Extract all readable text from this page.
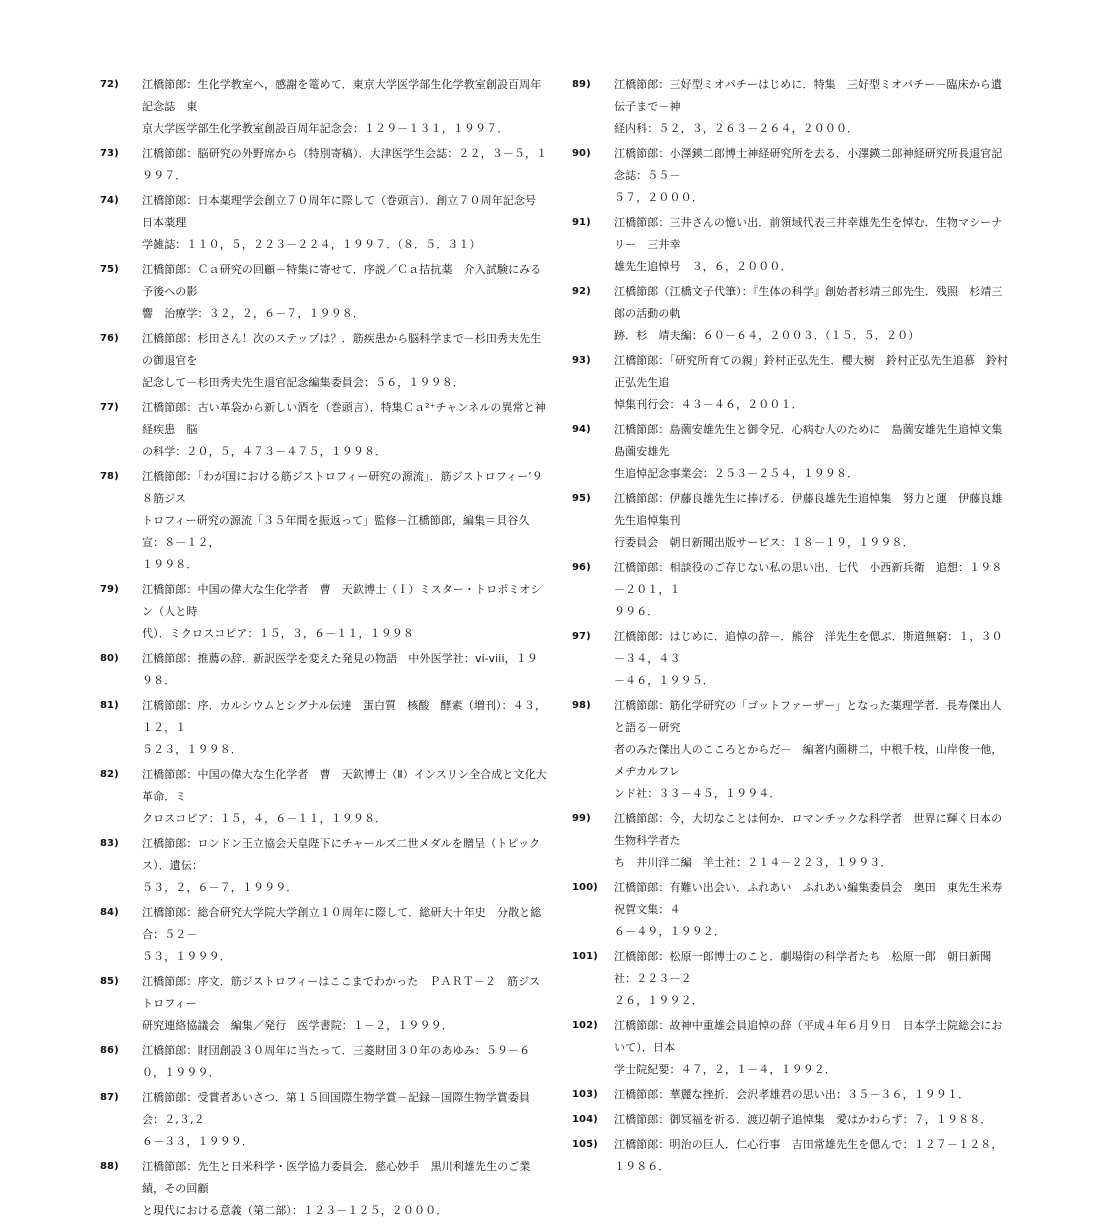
72)	江橋節郎：生化学教室へ，感謝を篭めて．東京大学医学部生化学教室創設百周年記念誌　東
京大学医学部生化学教室創設百周年記念会：１２９－１３１，１９９７．
73)	江橋節郎：脳研究の外野席から（特別寄稿）．大津医学生会誌：２２，３－５，１９９７．
74)	江橋節郎：日本薬理学会創立７０周年に際して（巻頭言）．創立７０周年記念号　日本薬理
学雑誌：１１０，５，２２３－２２４，１９９７．（８．５．３１）
75)	江橋節郎：Ｃａ研究の回顧－特集に寄せて．序説／Ｃａ拮抗薬　介入試験にみる予後への影
響　治療学：３２，２，６－７，１９９８．
76)	江橋節郎：杉田さん！次のステップは？．筋疾患から脳科学まで－杉田秀夫先生の御退官を
記念して－杉田秀夫先生退官記念編集委員会：５６，１９９８．
77)	江橋節郎：古い革袋から新しい酒を（巻頭言）．特集Ｃａ²⁺チャンネルの異常と神経疾患　脳
の科学：２０，５，４７３－４７５，１９９８．
78)	江橋節郎：「わが国における筋ジストロフィー研究の源流」．筋ジストロフィー’９８筋ジス
トロフィー研究の源流「３５年間を振返って」監修－江橋節郎，編集＝貝谷久宣：８－１２，
１９９８．
79)	江橋節郎：中国の偉大な生化学者　曹　天欽博士（Ｉ）ミスター・トロポミオシン（人と時
代）．ミクロスコピア：１５，３，６－１１，１９９８
80)	江橋節郎：推薦の辞．新訳医学を変えた発見の物語　中外医学社：vi-viii，１９９８．
81)	江橋節郎：序．カルシウムとシグナル伝達　蛋白質　核酸　酵素（増刊）：４３，１２，１
５２３，１９９８．
82)	江橋節郎：中国の偉大な生化学者　曹　天欽博士（Ⅱ）インスリン全合成と文化大革命．ミ
クロスコピア：１５，４，６－１１，１９９８．
83)	江橋節郎：ロンドン王立協会天皇陛下にチャールズ二世メダルを贈呈（トピックス）．遺伝：
５３，２，６－７，１９９９．
84)	江橋節郎：総合研究大学院大学創立１０周年に際して．総研大十年史　分散と総合：５２－
５３，１９９９．
85)	江橋節郎：序文．筋ジストロフィーはここまでわかった　ＰＡＲＴ－２　筋ジストロフィー
研究連絡協議会　編集／発行　医学書院：１－２，１９９９．
86)	江橋節郎：財団創設３０周年に当たって．三菱財団３０年のあゆみ：５９－６０，１９９９．
87)	江橋節郎：受賞者あいさつ．第１５回国際生物学賞－記録－国際生物学賞委員会：２,３,２
６－３３，１９９９．
88)	江橋節郎：先生と日米科学・医学協力委員会．慈心妙手　黒川利雄先生のご業績，その回顧
と現代における意義（第二部）：１２３－１２５，２０００．
89)	江橋節郎：三好型ミオパチーはじめに．特集　三好型ミオパチー－臨床から遺伝子まで－神
経内科：５２，３，２６３－２６４，２０００．
90)	江橋節郎：小澤鍈二郎博士神経研究所を去る．小澤鍈二郎神経研究所長退官記念誌：５５－
５７，２０００．
91)	江橋節郎：三井さんの憶い出．前領域代表三井幸雄先生を悼む．生物マシーナリー　三井幸
雄先生追悼号　３，６，２０００．
92)	江橋節郎（江橋文子代筆）：『生体の科学』創始者杉靖三郎先生．残照　杉靖三郎の活動の軌
跡．杉　靖夫編：６０－６４，２００３．（１５．５．２０）
93)	江橋節郎：「研究所育ての親」鈴村正弘先生．櫻大樹　鈴村正弘先生追慕　鈴村正弘先生追
悼集刊行会：４３－４６，２００１．
94)	江橋節郎：島薗安雄先生と御令兄．心病む人のために　島薗安雄先生追悼文集　島薗安雄先
生追悼記念事業会：２５３－２５４，１９９８．
95)	江橋節郎：伊藤良雄先生に捧げる．伊藤良雄先生追悼集　努力と運　伊藤良雄先生追悼集刊
行委員会　朝日新聞出版サービス：１８－１９，１９９８．
96)	江橋節郎：相談役のご存じない私の思い出．七代　小西新兵衛　追想：１９８－２０１，１
９９６．
97)	江橋節郎：はじめに．追悼の辞－．熊谷　洋先生を偲ぶ．斯道無窮：１，３０－３４，４３
－４６，１９９５．
98)	江橋節郎：筋化学研究の「ゴットファーザー」となった薬理学者．長寿傑出人と語る－研究
者のみた傑出人のこころとからだ－　編著内薗耕二，中根千枝，山岸俊一他，メヂカルフレ
ンド社：３３－４５，１９９４．
99)	江橋節郎：今，大切なことは何か．ロマンチックな科学者　世界に輝く日本の生物科学者た
ち　井川洋二編　羊土社：２１４－２２３，１９９３．
100)	江橋節郎：有難い出会い．ふれあい　ふれあい編集委員会　奥田　東先生米寿祝賀文集：４
６－４９，１９９２．
101)	江橋節郎：松原一郎博士のこと．劇場街の科学者たち　松原一郎　朝日新聞社：２２３－２
２６，１９９２．
102)	江橋節郎：故神中重雄会員追悼の辞（平成４年６月９日　日本学士院総会において）．日本
学士院紀要：４７，２，１－４，１９９２．
103)	江橋節郎：華麗な挫折．会沢孝雄君の思い出：３５－３６，１９９１．
104)	江橋節郎：御冥福を祈る．渡辺朝子追悼集　愛はかわらず：７，１９８８．
105)	江橋節郎：明治の巨人．仁心行事　吉田常雄先生を偲んで：１２７－１２８，１９８６．
